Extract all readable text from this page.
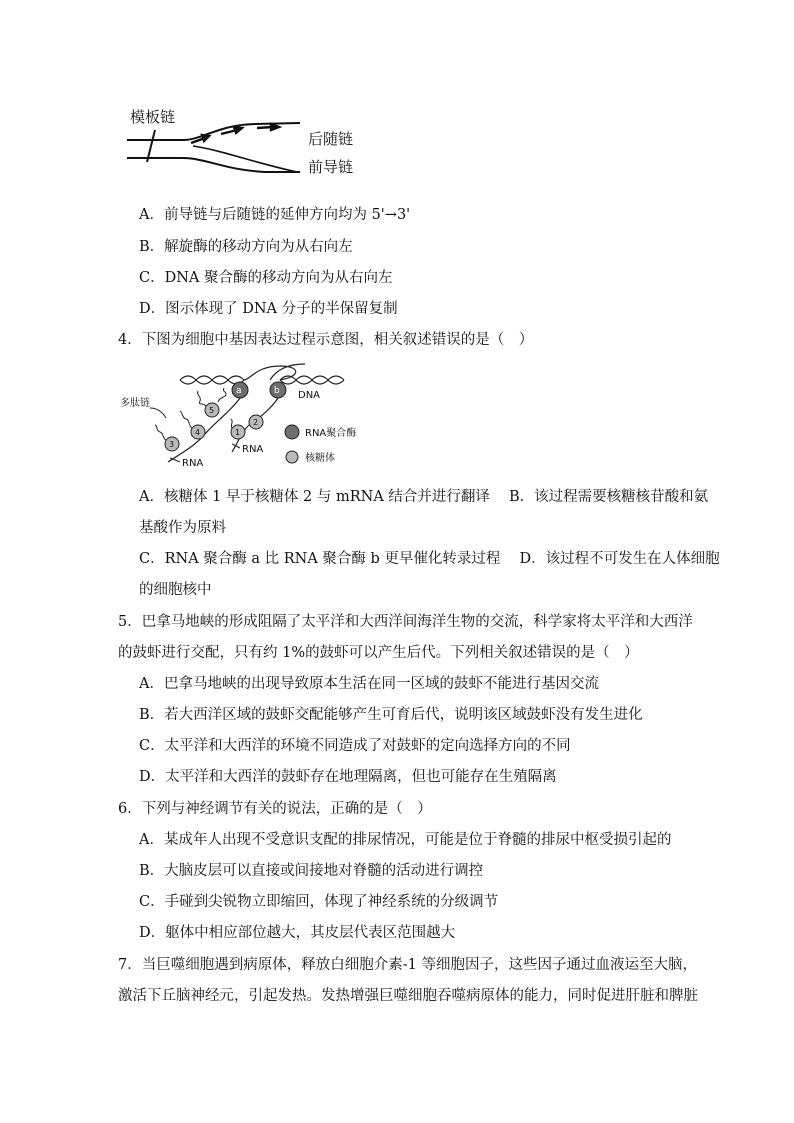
模板链
后随链
前导链
A．前导链与后随链的延伸方向均为 5'→3'
B．解旋酶的移动方向为从右向左
C．DNA 聚合酶的移动方向为从右向左
D．图示体现了 DNA 分子的半保留复制
4．下图为细胞中基因表达过程示意图，相关叙述错误的是（　）
DNA
a	b
5
4
3
1
2
多肽链
RNA
RNA
RNA聚合酶
核糖体
A．核糖体 1 早于核糖体 2 与 mRNA 结合并进行翻译　 B．该过程需要核糖核苷酸和氨
基酸作为原料
C．RNA 聚合酶 a 比 RNA 聚合酶 b 更早催化转录过程　 D．该过程不可发生在人体细胞
的细胞核中
5．巴拿马地峡的形成阻隔了太平洋和大西洋间海洋生物的交流，科学家将太平洋和大西洋
的鼓虾进行交配，只有约 1%的鼓虾可以产生后代。下列相关叙述错误的是（　）
A．巴拿马地峡的出现导致原本生活在同一区域的鼓虾不能进行基因交流
B．若大西洋区域的鼓虾交配能够产生可育后代，说明该区域鼓虾没有发生进化
C．太平洋和大西洋的环境不同造成了对鼓虾的定向选择方向的不同
D．太平洋和大西洋的鼓虾存在地理隔离，但也可能存在生殖隔离
6．下列与神经调节有关的说法，正确的是（　）
A．某成年人出现不受意识支配的排尿情况，可能是位于脊髓的排尿中枢受损引起的
B．大脑皮层可以直接或间接地对脊髓的活动进行调控
C．手碰到尖锐物立即缩回，体现了神经系统的分级调节
D．躯体中相应部位越大，其皮层代表区范围越大
7．当巨噬细胞遇到病原体，释放白细胞介素-1 等细胞因子，这些因子通过血液运至大脑，
激活下丘脑神经元，引起发热。发热增强巨噬细胞吞噬病原体的能力，同时促进肝脏和脾脏
